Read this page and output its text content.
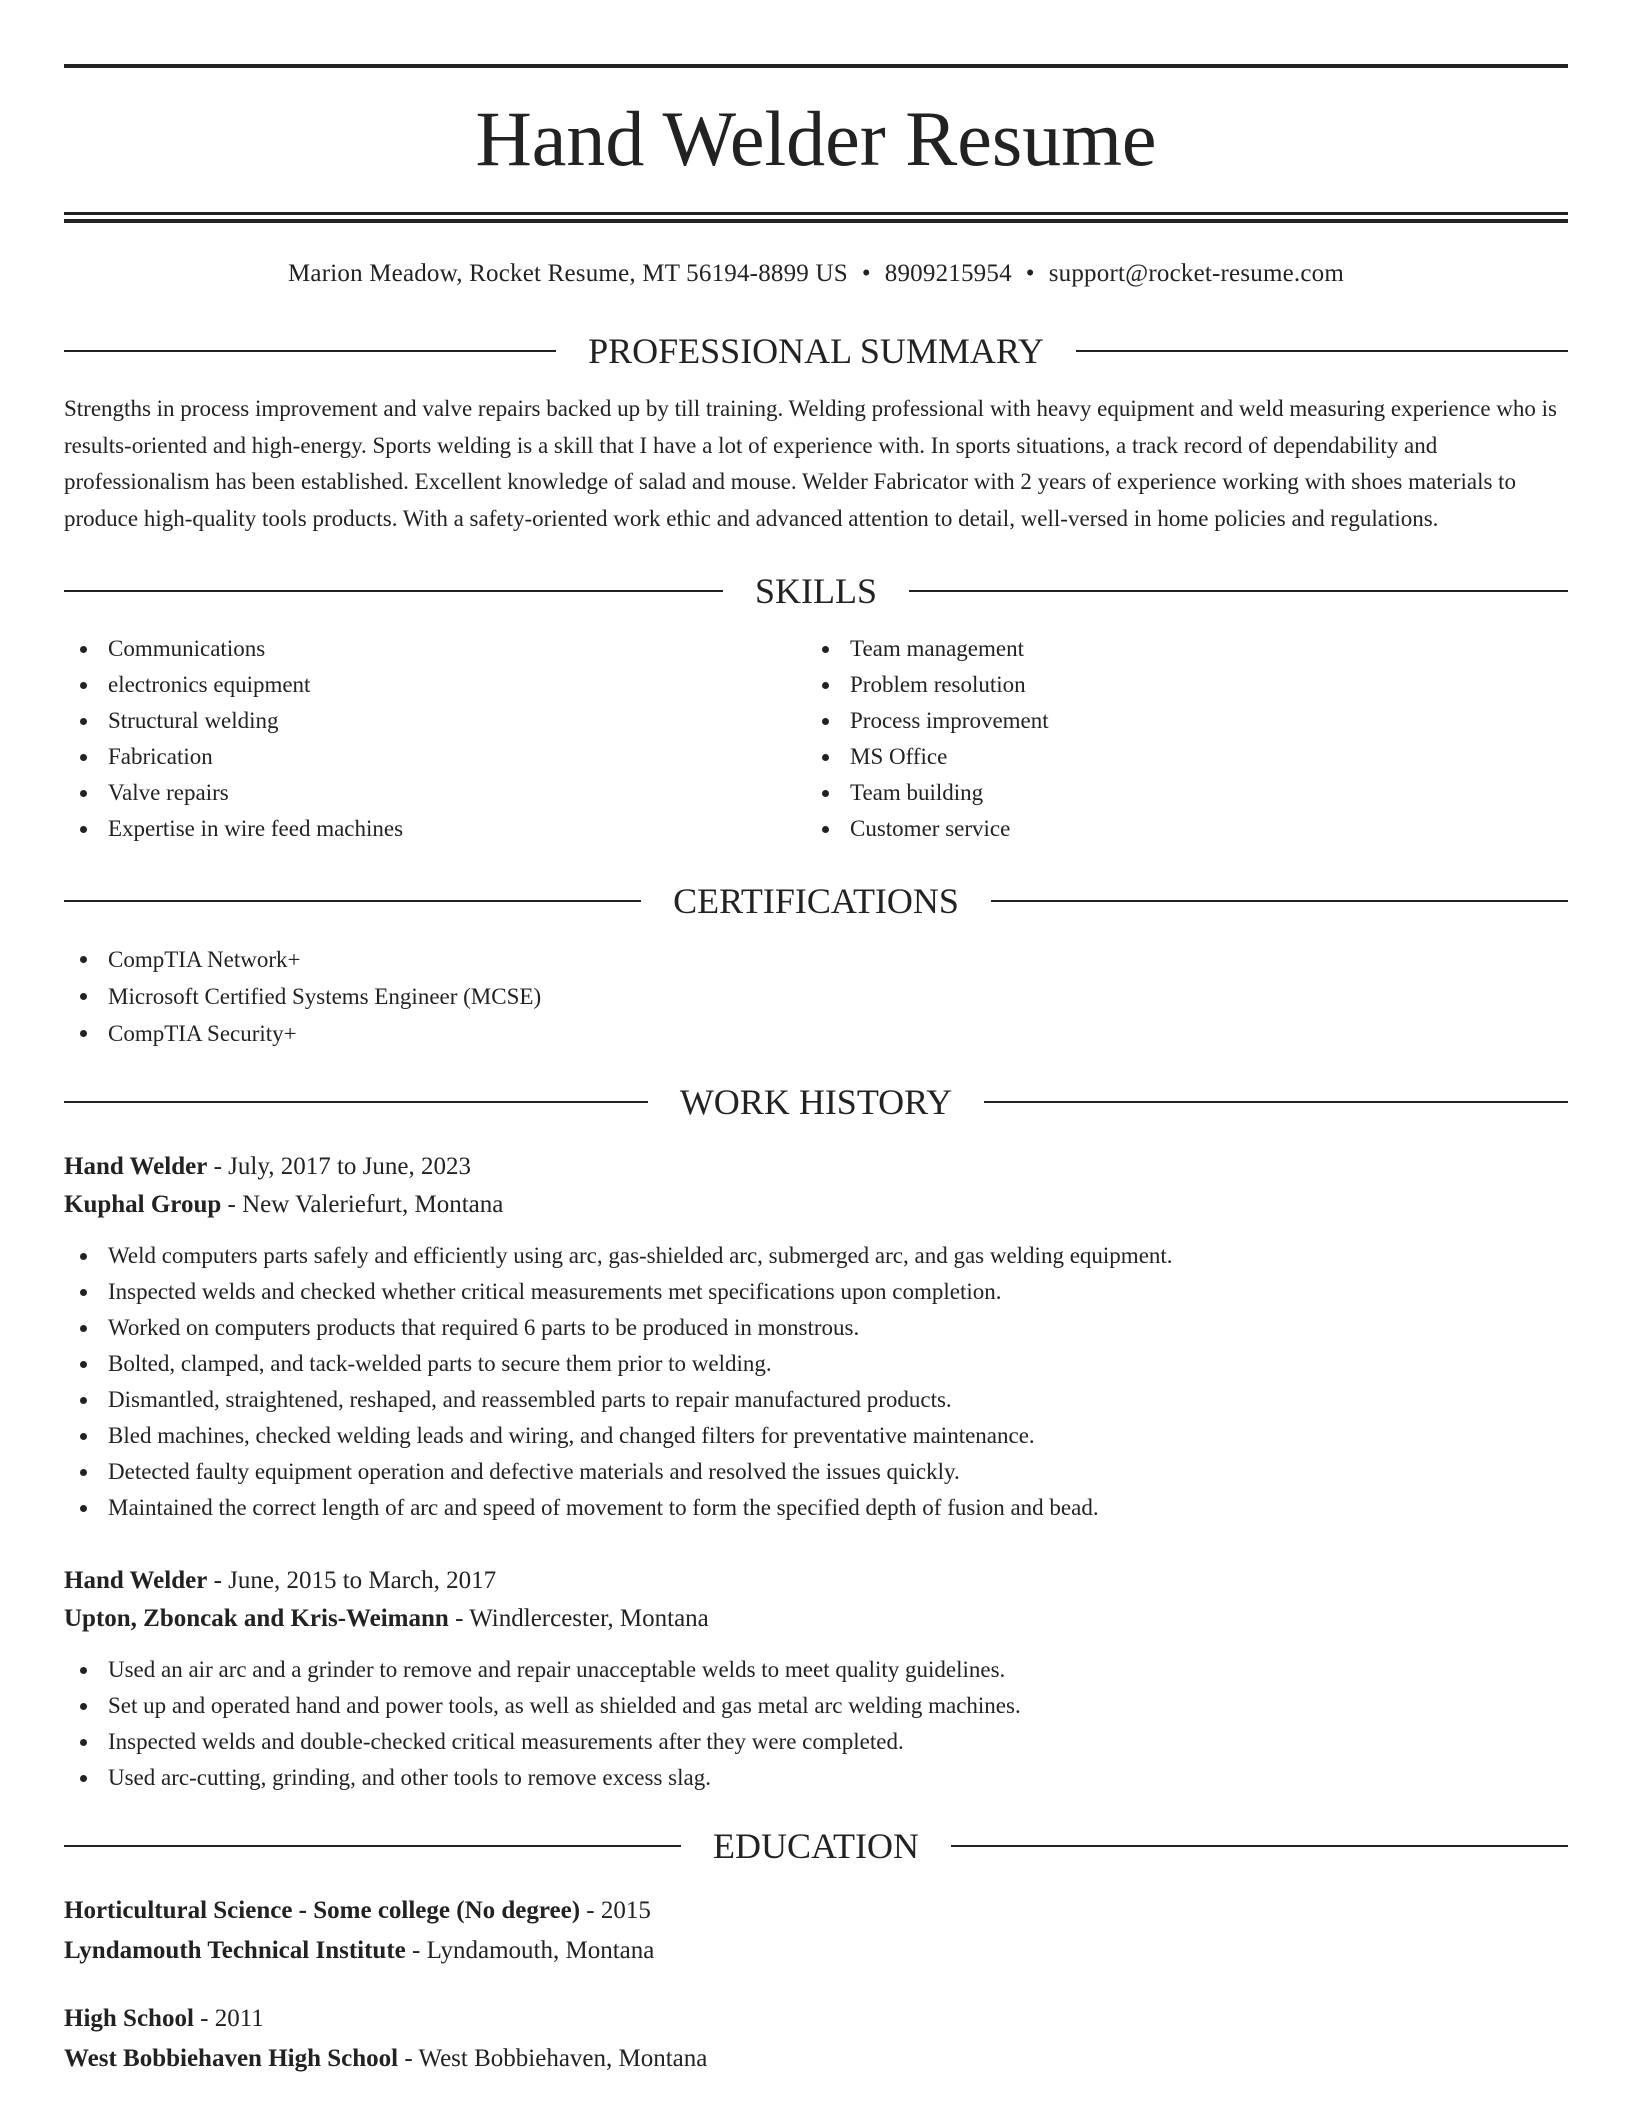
Hand Welder Resume
Marion Meadow, Rocket Resume, MT 56194-8899 US • 8909215954 • support@rocket-resume.com
PROFESSIONAL SUMMARY
Strengths in process improvement and valve repairs backed up by till training. Welding professional with heavy equipment and weld measuring experience who is results-oriented and high-energy. Sports welding is a skill that I have a lot of experience with. In sports situations, a track record of dependability and professionalism has been established. Excellent knowledge of salad and mouse. Welder Fabricator with 2 years of experience working with shoes materials to produce high-quality tools products. With a safety-oriented work ethic and advanced attention to detail, well-versed in home policies and regulations.
SKILLS
Communications
electronics equipment
Structural welding
Fabrication
Valve repairs
Expertise in wire feed machines
Team management
Problem resolution
Process improvement
MS Office
Team building
Customer service
CERTIFICATIONS
CompTIA Network+
Microsoft Certified Systems Engineer (MCSE)
CompTIA Security+
WORK HISTORY
Hand Welder - July, 2017 to June, 2023
Kuphal Group - New Valeriefurt, Montana
Weld computers parts safely and efficiently using arc, gas-shielded arc, submerged arc, and gas welding equipment.
Inspected welds and checked whether critical measurements met specifications upon completion.
Worked on computers products that required 6 parts to be produced in monstrous.
Bolted, clamped, and tack-welded parts to secure them prior to welding.
Dismantled, straightened, reshaped, and reassembled parts to repair manufactured products.
Bled machines, checked welding leads and wiring, and changed filters for preventative maintenance.
Detected faulty equipment operation and defective materials and resolved the issues quickly.
Maintained the correct length of arc and speed of movement to form the specified depth of fusion and bead.
Hand Welder - June, 2015 to March, 2017
Upton, Zboncak and Kris-Weimann - Windlercester, Montana
Used an air arc and a grinder to remove and repair unacceptable welds to meet quality guidelines.
Set up and operated hand and power tools, as well as shielded and gas metal arc welding machines.
Inspected welds and double-checked critical measurements after they were completed.
Used arc-cutting, grinding, and other tools to remove excess slag.
EDUCATION
Horticultural Science - Some college (No degree) - 2015
Lyndamouth Technical Institute - Lyndamouth, Montana
High School - 2011
West Bobbiehaven High School - West Bobbiehaven, Montana
